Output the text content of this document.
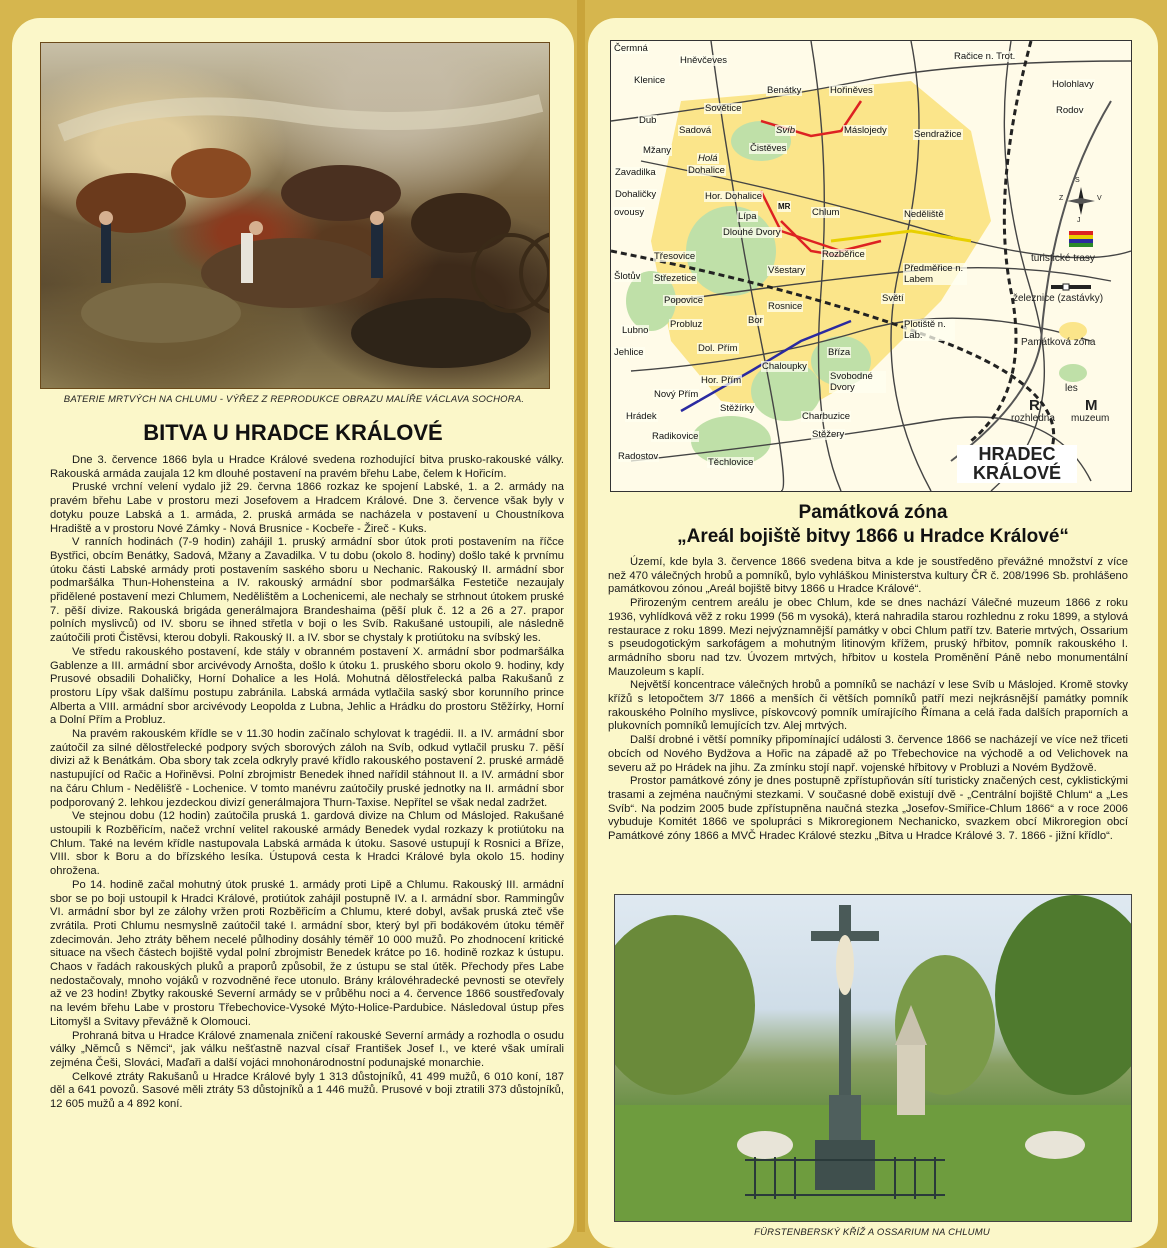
BATERIE MRTVÝCH NA CHLUMU - VÝŘEZ Z REPRODUKCE OBRAZU MALÍŘE VÁCLAVA SOCHORA.
BITVA U HRADCE KRÁLOVÉ

Dne 3. července 1866 byla u Hradce Králové svedena rozhodující bitva prusko-rakouské války. Rakouská armáda zaujala 12 km dlouhé postavení na pravém břehu Labe, čelem k Hořicím.

Pruské vrchní velení vydalo již 29. června 1866 rozkaz ke spojení Labské, 1. a 2. armády na pravém břehu Labe v prostoru mezi Josefovem a Hradcem Králové. Dne 3. července však byly v dotyku pouze Labská a 1. armáda, 2. pruská armáda se nacházela v postavení u Choustníkova Hradiště a v prostoru Nové Zámky - Nová Brusnice - Kocbeře - Žireč - Kuks.

V ranních hodinách (7-9 hodin) zahájil 1. pruský armádní sbor útok proti postavením na říčce Bystřici, obcím Benátky, Sadová, Mžany a Zavadilka. V tu dobu (okolo 8. hodiny) došlo také k prvnímu útoku části Labské armády proti postavením saského sboru u Nechanic. Rakouský II. armádní sbor podmaršálka Thun-Hohensteina a IV. rakouský armádní sbor podmaršálka Festetiče nezaujaly přidělené postavení mezi Chlumem, Nedělištěm a Lochenicemi, ale nechaly se strhnout útokem pruské 7. pěší divize. Rakouská brigáda generálmajora Brandeshaima (pěší pluk č. 12 a 26 a 27. prapor polních myslivců) od IV. sboru se ihned střetla v boji o les Svíb. Rakušané ustoupili, ale následně zaútočili proti Čistěvsi, kterou dobyli. Rakouský II. a IV. sbor se chystaly k protiútoku na svíbský les.

Ve středu rakouského postavení, kde stály v obranném postavení X. armádní sbor podmaršálka Gablenze a III. armádní sbor arcivévody Arnošta, došlo k útoku 1. pruského sboru okolo 9. hodiny, kdy Prusové obsadili Dohaličky, Horní Dohalice a les Holá. Mohutná dělostřelecká palba Rakušanů z prostoru Lípy však dalšímu postupu zabránila. Labská armáda vytlačila saský sbor korunního prince Alberta a VIII. armádní sbor arcivévody Leopolda z Lubna, Jehlic a Hrádku do prostoru Stěžírky, Horní a Dolní Přím a Probluz.

Na pravém rakouském křídle se v 11.30 hodin začínalo schylovat k tragédii. II. a IV. armádní sbor zaútočil za silné dělostřelecké podpory svých sborových záloh na Svíb, odkud vytlačil prusku 7. pěší divizi až k Benátkám. Oba sbory tak zcela odkryly pravé křídlo rakouského postavení 2. pruské armádě nastupující od Račic a Hořiněvsi. Polní zbrojmistr Benedek ihned nařídil stáhnout II. a IV. armádní sbor na čáru Chlum - Nedělišťě - Lochenice. V tomto manévru zaútočily pruské jednotky na II. armádní sbor podporovaný 2. lehkou jezdeckou divizí generálmajora Thurn-Taxise. Nepřítel se však nedal zadržet.

Ve stejnou dobu (12 hodin) zaútočila pruská 1. gardová divize na Chlum od Máslojed. Rakušané ustoupili k Rozběřicím, načež vrchní velitel rakouské armády Benedek vydal rozkazy k protiútoku na Chlum. Také na levém křídle nastupovala Labská armáda k útoku. Sasové ustupují k Rosnici a Bříze, VIII. sbor k Boru a do břízského lesíka. Ústupová cesta k Hradci Králové byla okolo 15. hodiny ohrožena.

Po 14. hodině začal mohutný útok pruské 1. armády proti Lipě a Chlumu. Rakouský III. armádní sbor se po boji ustoupil k Hradci Králové, protiútok zahájil postupně IV. a I. armádní sbor. Rammingův VI. armádní sbor byl ze zálohy vržen proti Rozběřicím a Chlumu, které dobyl, avšak pruská zteč vše zvrátila. Proti Chlumu nesmyslně zaútočil také I. armádní sbor, který byl při bodákovém útoku téměř zdecimován. Jeho ztráty během necelé půlhodiny dosáhly téměř 10 000 mužů. Po zhodnocení kritické situace na všech částech bojiště vydal polní zbrojmistr Benedek krátce po 16. hodině rozkaz k ústupu. Chaos v řadách rakouských pluků a praporů způsobil, že z ústupu se stal útěk. Přechody přes Labe nedostačovaly, mnoho vojáků v rozvodněné řece utonulo. Brány královéhradecké pevnosti se otevřely až ve 23 hodin! Zbytky rakouské Severní armády se v průběhu noci a 4. července 1866 soustřeďovaly na levém břehu Labe v prostoru Třebechovice-Vysoké Mýto-Holice-Pardubice. Následoval ústup přes Litomyšl a Svitavy převážně k Olomouci.

Prohraná bitva u Hradce Králové znamenala zničení rakouské Severní armády a rozhodla o osudu války „Němců s Němci“, jak válku nešťastně nazval císař František Josef I., ve které však umírali zejména Češi, Slováci, Maďaři a další vojáci mnohonárodnostní podunajské monarchie.

Celkové ztráty Rakušanů u Hradce Králové byly 1 313 důstojníků, 41 499 mužů, 6 010 koní, 187 děl a 641 povozů. Sasové měli ztráty 53 důstojníků a 1 446 mužů. Prusové v boji ztratili 373 důstojníků, 12 605 mužů a 4 892 koní.

Čermná
Hněvčeves
Klenice
Račice n. Trot.
Benátky	Hořiněves
Holohlavy
Sovětice
Sadová	Svíb	Máslojedy	Sendražice
Rodov
Dub
Čistěves
Mžany
Holá
Dohalice
Zavadilka
Dohaličky	Hor. Dohalice
Chlum	Neděliště
Lípa
Dlouhé Dvory
Rozběřice
Třesovice
Všestary	Předměřice n. Labem
Střezetice
Světí
Popovice
Rosnice
Probluz	Bor	Plotiště n. Lab.
Lubno
Dol. Přím	Bříza
Jehlice
Hor. Přím
Chaloupky
Svobodné Dvory
Nový Přím
Stěžírky
Charbuzice
Hrádek
Radikovice	Stěžery
Radostov
Těchlovice
Šlotův
ovousy
MR
HRADEC
KRÁLOVÉ
S
Z	V
J
turistické trasy
železnice (zastávky)
Památková zóna
les
R	M
rozhledna muzeum
Památková zóna
„Areál bojiště bitvy 1866 u Hradce Králové“

Území, kde byla 3. července 1866 svedena bitva a kde je soustředěno převážné množství z více než 470 válečných hrobů a pomníků, bylo vyhláškou Ministerstva kultury ČR č. 208/1996 Sb. prohlášeno památkovou zónou „Areál bojiště bitvy 1866 u Hradce Králové“.

Přirozeným centrem areálu je obec Chlum, kde se dnes nachází Válečné muzeum 1866 z roku 1936, vyhlídková věž z roku 1999 (56 m vysoká), která nahradila starou rozhlednu z roku 1899, a stylová restaurace z roku 1899. Mezi nejvýznamnější památky v obci Chlum patří tzv. Baterie mrtvých, Ossarium s pseudogotickým sarkofágem a mohutným litinovým křížem, pruský hřbitov, pomník rakouského I. armádního sboru nad tzv. Úvozem mrtvých, hřbitov u kostela Proměnění Páně nebo monumentální Mauzoleum s kaplí.

Největší koncentrace válečných hrobů a pomníků se nachází v lese Svíb u Máslojed. Kromě stovky křížů s letopočtem 3/7 1866 a menších či větších pomníků patří mezi nejkrásnější památky pomník rakouského Polního myslivce, pískovcový pomník umírajícího Římana a celá řada dalších praporních a plukovních pomníků lemujících tzv. Alej mrtvých.

Další drobné i větší pomníky připomínající události 3. července 1866 se nacházejí ve více než třiceti obcích od Nového Bydžova a Hořic na západě až po Třebechovice na východě a od Velichovek na severu až po Hrádek na jihu. Za zmínku stojí např. vojenské hřbitovy v Probluzi a Novém Bydžově.

Prostor památkové zóny je dnes postupně zpřístupňován sítí turisticky značených cest, cyklistickými trasami a zejména naučnými stezkami. V současné době existují dvě - „Centrální bojiště Chlum“ a „Les Svíb“. Na podzim 2005 bude zpřístupněna naučná stezka „Josefov-Smiřice-Chlum 1866“ a v roce 2006 vybuduje Komitét 1866 ve spolupráci s Mikroregionem Nechanicko, svazkem obcí Mikroregion obcí Památkové zóny 1866 a MVČ Hradec Králové stezku „Bitva u Hradce Králové 3. 7. 1866 - jižní křídlo“.

FÜRSTENBERSKÝ KŘÍŽ A OSSARIUM NA CHLUMU
